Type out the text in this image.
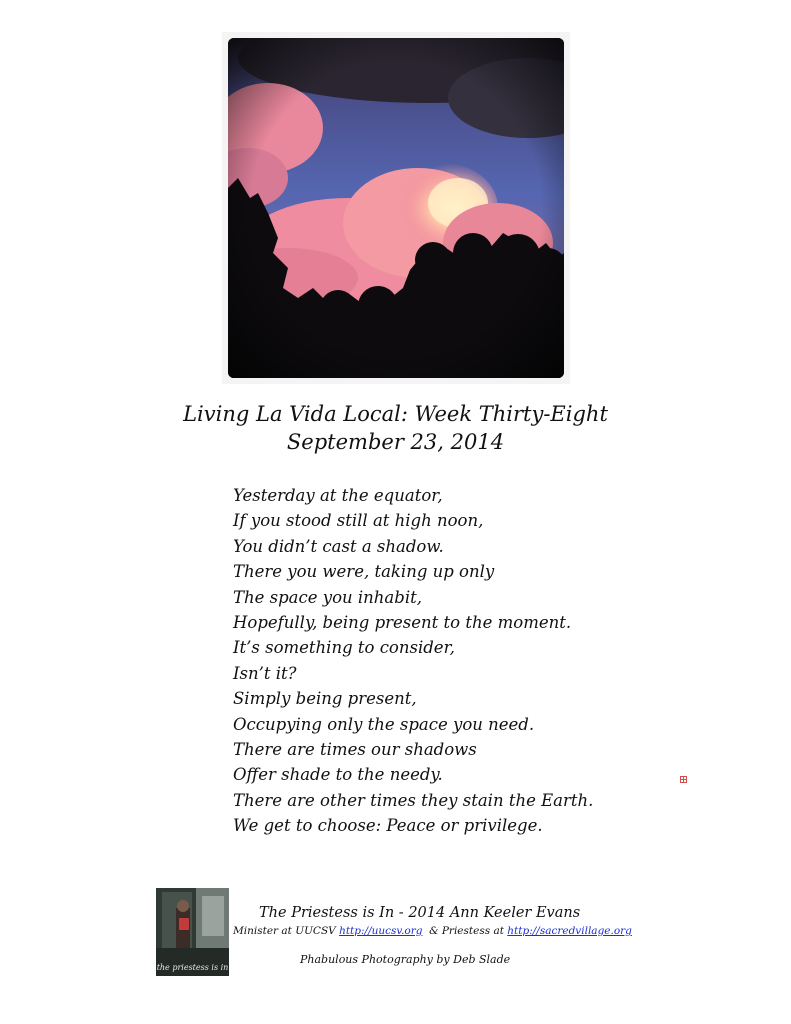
Living La Vida Local: Week Thirty-Eight
September 23, 2014
Yesterday at the equator,
If you stood still at high noon,
You didn’t cast a shadow.
There you were, taking up only
The space you inhabit,
Hopefully, being present to the moment.
It’s something to consider,
Isn’t it?
Simply being present,
Occupying only the space you need.
There are times our shadows
Offer shade to the needy.
There are other times they stain the Earth.
We get to choose: Peace or privilege.
the priestess is in
The Priestess is In - 2014 Ann Keeler Evans
Minister at UUCSV http://uucsv.org  & Priestess at http://sacredvillage.org
Phabulous Photography by Deb Slade
